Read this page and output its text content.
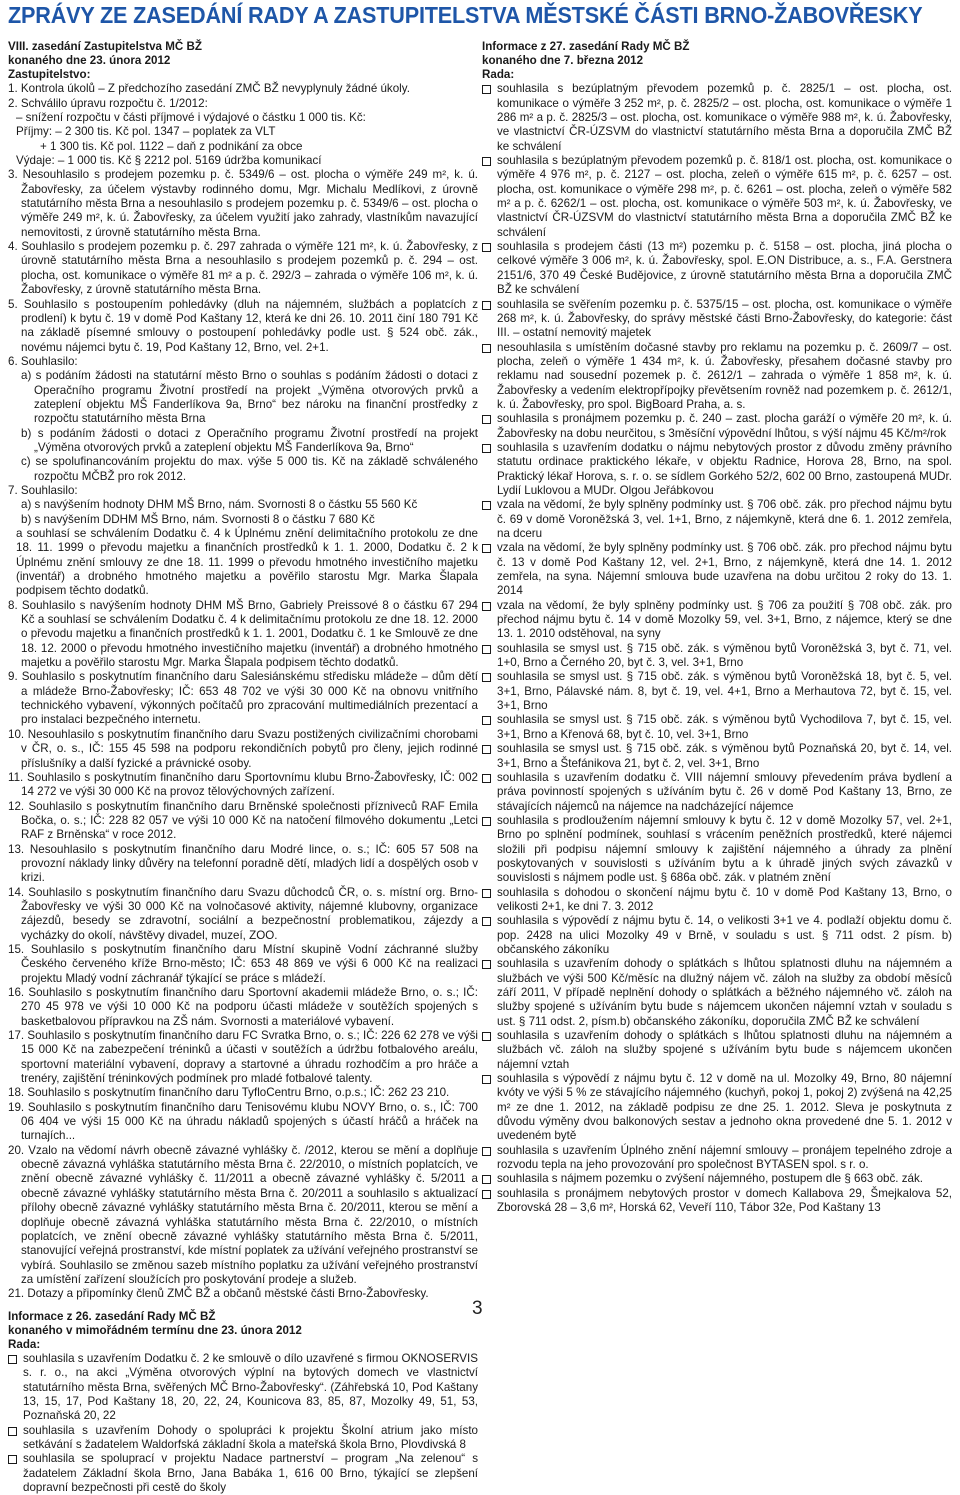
ZPRÁVY ZE ZASEDÁNÍ RADY A ZASTUPITELSTVA MĚSTSKÉ ČÁSTI BRNO-ŽABOVŘESKY

VIII. zasedání Zastupitelstva MČ BŽ

konaného dne 23. února 2012

Zastupitelstvo:

1. Kontrola úkolů – Z předchozího zasedání ZMČ BŽ nevyplynuly žádné úkoly.
2. Schválilo úpravu rozpočtu č. 1/2012:
– snížení rozpočtu v části příjmové i výdajové o částku 1 000 tis. Kč:
Příjmy: – 2 300 tis. Kč pol. 1347 – poplatek za VLT
+ 1 300 tis. Kč pol. 1122 – daň z podnikání za obce
Výdaje: – 1 000 tis. Kč § 2212 pol. 5169 údržba komunikací
3. Nesouhlasilo s prodejem pozemku p. č. 5349/6 – ost. plocha o výměře 249 m², k. ú. Žabovřesky, za účelem výstavby rodinného domu, Mgr. Michalu Medlíkovi, z úrovně statutárního města Brna a nesouhlasilo s prodejem pozemku p. č. 5349/6 – ost. plocha o výměře 249 m², k. ú. Žabovřesky, za účelem využití jako zahrady, vlastníkům navazující nemovitosti, z úrovně statutárního města Brna.
4. Souhlasilo s prodejem pozemku p. č. 297 zahrada o výměře 121 m², k. ú. Žabovřesky, z úrovně statutárního města Brna a nesouhlasilo s prodejem pozemků p. č. 294 – ost. plocha, ost. komunikace o výměře 81 m² a p. č. 292/3 – zahrada o výměře 106 m², k. ú. Žabovřesky, z úrovně statutárního města Brna.
5. Souhlasilo s postoupením pohledávky (dluh na nájemném, službách a poplatcích z prodlení) k bytu č. 19 v domě Pod Kaštany 12, která ke dni 26. 10. 2011 činí 180 791 Kč na základě písemné smlouvy o postoupení pohledávky podle ust. § 524 obč. zák., novému nájemci bytu č. 19, Pod Kaštany 12, Brno, vel. 2+1.
6. Souhlasilo:
a) s podáním žádosti na statutární město Brno o souhlas s podáním žádosti o dotaci z Operačního programu Životní prostředí na projekt „Výměna otvorových prvků a zateplení objektu MŠ Fanderlíkova 9a, Brno“ bez nároku na finanční prostředky z rozpočtu statutárního města Brna
b) s podáním žádosti o dotaci z Operačního programu Životní prostředí na projekt „Výměna otvorových prvků a zateplení objektu MŠ Fanderlíkova 9a, Brno“
c) se spolufinancováním projektu do max. výše 5 000 tis. Kč na základě schváleného rozpočtu MČBŽ pro rok 2012.
7. Souhlasilo:
a) s navýšením hodnoty DHM MŠ Brno, nám. Svornosti 8 o částku 55 560 Kč
b) s navýšením DDHM MŠ Brno, nám. Svornosti 8 o částku 7 680 Kč
a souhlasí se schválením Dodatku č. 4 k Úplnému znění delimitačního protokolu ze dne 18. 11. 1999 o převodu majetku a finančních prostředků k 1. 1. 2000, Dodatku č. 2 k Úplnému znění smlouvy ze dne 18. 11. 1999 o převodu hmotného investičního majetku (inventář) a drobného hmotného majetku a pověřilo starostu Mgr. Marka Šlapala podpisem těchto dodatků.
8. Souhlasilo s navýšením hodnoty DHM MŠ Brno, Gabriely Preissové 8 o částku 67 294 Kč a souhlasí se schválením Dodatku č. 4 k delimitačnímu protokolu ze dne 18. 12. 2000 o převodu majetku a finančních prostředků k 1. 1. 2001, Dodatku č. 1 ke Smlouvě ze dne 18. 12. 2000 o převodu hmotného investičního majetku (inventář) a drobného hmotného majetku a pověřilo starostu Mgr. Marka Šlapala podpisem těchto dodatků.
9. Souhlasilo s poskytnutím finančního daru Salesiánskému středisku mládeže – dům dětí a mládeže Brno-Žabovřesky; IČ: 653 48 702 ve výši 30 000 Kč na obnovu vnitřního technického vybavení, výkonných počítačů pro zpracování multimediálních prezentací a pro instalaci bezpečného internetu.
10. Nesouhlasilo s poskytnutím finančního daru Svazu postižených civilizačními chorobami v ČR, o. s., IČ: 155 45 598 na podporu rekondičních pobytů pro členy, jejich rodinné příslušníky a další fyzické a právnické osoby.
11. Souhlasilo s poskytnutím finančního daru Sportovnímu klubu Brno-Žabovřesky, IČ: 002 14 272 ve výši 30 000 Kč na provoz tělovýchovných zařízení.
12. Souhlasilo s poskytnutím finančního daru Brněnské společnosti přízniveců RAF Emila Bočka, o. s.; IČ: 228 82 057 ve výši 10 000 Kč na natočení filmového dokumentu „Letci RAF z Brněnska“ v roce 2012.
13. Nesouhlasilo s poskytnutím finančního daru Modré lince, o. s.; IČ: 605 57 508 na provozní náklady linky důvěry na telefonní poradně dětí, mladých lidí a dospělých osob v krizi.
14. Souhlasilo s poskytnutím finančního daru Svazu důchodců ČR, o. s. místní org. Brno-Žabovřesky ve výši 30 000 Kč na volnočasové aktivity, nájemné klubovny, organizace zájezdů, besedy se zdravotní, sociální a bezpečnostní problematikou, zájezdy a vycházky do okolí, návštěvy divadel, muzeí, ZOO.
15. Souhlasilo s poskytnutím finančního daru Místní skupině Vodní záchranné služby Českého červeného kříže Brno-město; IČ: 653 48 869 ve výši 6 000 Kč na realizaci projektu Mladý vodní záchranář týkající se práce s mládeží.
16. Souhlasilo s poskytnutím finančního daru Sportovní akademii mládeže Brno, o. s.; IČ: 270 45 978 ve výši 10 000 Kč na podporu účasti mládeže v soutěžích spojených s basketbalovou přípravkou na ZŠ nám. Svornosti a materiálové vybavení.
17. Souhlasilo s poskytnutím finančního daru FC Svratka Brno, o. s.; IČ: 226 62 278 ve výši 15 000 Kč na zabezpečení tréninků a účasti v soutěžích a údržbu fotbalového areálu, sportovní materiální vybavení, dopravy a startovné a úhradu rozhodčím a pro hráče a trenéry, zajištění tréninkových podmínek pro mladé fotbalové talenty.
18. Souhlasilo s poskytnutím finančního daru TyfloCentru Brno, o.p.s.; IČ: 262 23 210.
19. Souhlasilo s poskytnutím finančního daru Tenisovému klubu NOVY Brno, o. s., IČ: 700 06 404 ve výši 15 000 Kč na úhradu nákladů spojených s účastí hráčů a hráček na turnajích...
20. Vzalo na vědomí návrh obecně závazné vyhlášky č. /2012, kterou se mění a doplňuje obecně závazná vyhláška statutárního města Brna č. 22/2010, o místních poplatcích, ve znění obecně závazné vyhlášky č. 11/2011 a obecně závazné vyhlášky č. 5/2011 a obecně závazné vyhlášky statutárního města Brna č. 20/2011 a souhlasilo s aktualizací přílohy obecně závazné vyhlášky statutárního města Brna č. 20/2011, kterou se mění a doplňuje obecně závazná vyhláška statutárního města Brna č. 22/2010, o místních poplatcích, ve znění obecně závazné vyhlášky statutárního města Brna č. 5/2011, stanovující veřejná prostranství, kde místní poplatek za užívání veřejného prostranství se vybírá. Souhlasilo se změnou sazeb místního poplatku za užívání veřejného prostranství za umístění zařízení sloužících pro poskytování prodeje a služeb.
21. Dotazy a připomínky členů ZMČ BŽ a občanů městské části Brno-Žabovřesky.

Informace z 26. zasedání Rady MČ BŽ

konaného v mimořádném termínu dne 23. února 2012

Rada:

souhlasila s uzavřením Dodatku č. 2 ke smlouvě o dílo uzavřené s firmou OKNOSERVIS s. r. o., na akci „Výměna otvorových výplní na bytových domech ve vlastnictví statutárního města Brna, svěřených MČ Brno-Žabovřesky“. (Záhřebská 10, Pod Kaštany 13, 15, 17, Pod Kaštany 18, 20, 22, 24, Kounicova 83, 85, 87, Mozolky 49, 51, 53, Poznaňská 20, 22
souhlasila s uzavřením Dohody o spolupráci k projektu Školní atrium jako místo setkávání s žadatelem Waldorfská základní škola a mateřská škola Brno, Plovdivská 8
souhlasila se spoluprací v projektu Nadace partnerství – program „Na zelenou“ s žadatelem Základní škola Brno, Jana Babáka 1, 616 00 Brno, týkající se zlepšení dopravní bezpečnosti při cestě do školy

Informace z 27. zasedání Rady MČ BŽ

konaného dne 7. března 2012

Rada:

souhlasila s bezúplatným převodem pozemků p. č. 2825/1 – ost. plocha, ost. komunikace o výměře 3 252 m², p. č. 2825/2 – ost. plocha, ost. komunikace o výměře 1 286 m² a p. č. 2825/3 – ost. plocha, ost. komunikace o výměře 988 m², k. ú. Žabovřesky, ve vlastnictví ČR-ÚZSVM do vlastnictví statutárního města Brna a doporučila ZMČ BŽ ke schválení
souhlasila s bezúplatným převodem pozemků p. č. 818/1 ost. plocha, ost. komunikace o výměře 4 976 m², p. č. 2127 – ost. plocha, zeleň o výměře 615 m², p. č. 6257 – ost. plocha, ost. komunikace o výměře 298 m², p. č. 6261 – ost. plocha, zeleň o výměře 582 m² a p. č. 6262/1 – ost. plocha, ost. komunikace o výměře 503 m², k. ú. Žabovřesky, ve vlastnictví ČR-ÚZSVM do vlastnictví statutárního města Brna a doporučila ZMČ BŽ ke schválení
souhlasila s prodejem části (13 m²) pozemku p. č. 5158 – ost. plocha, jiná plocha o celkové výměře 3 006 m², k. ú. Žabovřesky, spol. E.ON Distribuce, a. s., F.A. Gerstnera 2151/6, 370 49 České Budějovice, z úrovně statutárního města Brna a doporučila ZMČ BŽ ke schválení
souhlasila se svěřením pozemku p. č. 5375/15 – ost. plocha, ost. komunikace o výměře 268 m², k. ú. Žabovřesky, do správy městské části Brno-Žabovřesky, do kategorie: část III. – ostatní nemovitý majetek
nesouhlasila s umístěním dočasné stavby pro reklamu na pozemku p. č. 2609/7 – ost. plocha, zeleň o výměře 1 434 m², k. ú. Žabovřesky, přesahem dočasné stavby pro reklamu nad sousední pozemek p. č. 2612/1 – zahrada o výměře 1 858 m², k. ú. Žabovřesky a vedením elektropřípojky převětsením rovněž nad pozemkem p. č. 2612/1, k. ú. Žabovřesky, pro spol. BigBoard Praha, a. s.
souhlasila s pronájmem pozemku p. č. 240 – zast. plocha garáží o výměře 20 m², k. ú. Žabovřesky na dobu neurčitou, s 3měsíční výpovědní lhůtou, s výší nájmu 45 Kč/m²/rok
souhlasila s uzavřením dodatku o nájmu nebytových prostor z důvodu změny právního statutu ordinace praktického lékaře, v objektu Radnice, Horova 28, Brno, na spol. Praktický lékař Horova, s. r. o. se sídlem Gorkého 52/2, 602 00 Brno, zastoupená MUDr. Lydií Luklovou a MUDr. Olgou Jeřábkovou
vzala na vědomí, že byly splněny podmínky ust. § 706 obč. zák. pro přechod nájmu bytu č. 69 v domě Voroněžská 3, vel. 1+1, Brno, z nájemkyně, která dne 6. 1. 2012 zemřela, na dceru
vzala na vědomí, že byly splněny podmínky ust. § 706 obč. zák. pro přechod nájmu bytu č. 13 v domě Pod Kaštany 12, vel. 2+1, Brno, z nájemkyně, která dne 14. 1. 2012 zemřela, na syna. Nájemní smlouva bude uzavřena na dobu určitou 2 roky do 13. 1. 2014
vzala na vědomí, že byly splněny podmínky ust. § 706 za použití § 708 obč. zák. pro přechod nájmu bytu č. 14 v domě Mozolky 59, vel. 3+1, Brno, z nájemce, který se dne 13. 1. 2010 odstěhoval, na syny
souhlasila se smysl ust. § 715 obč. zák. s výměnou bytů Voroněžská 3, byt č. 71, vel. 1+0, Brno a Černého 20, byt č. 3, vel. 3+1, Brno
souhlasila se smysl ust. § 715 obč. zák. s výměnou bytů Voroněžská 18, byt č. 5, vel. 3+1, Brno, Pálavské nám. 8, byt č. 19, vel. 4+1, Brno a Merhautova 72, byt č. 15, vel. 3+1, Brno
souhlasila se smysl ust. § 715 obč. zák. s výměnou bytů Vychodilova 7, byt č. 15, vel. 3+1, Brno a Křenová 68, byt č. 10, vel. 3+1, Brno
souhlasila se smysl ust. § 715 obč. zák. s výměnou bytů Poznaňská 20, byt č. 14, vel. 3+1, Brno a Štefánikova 21, byt č. 2, vel. 3+1, Brno
souhlasila s uzavřením dodatku č. VIII nájemní smlouvy převedením práva bydlení a práva povinností spojených s užíváním bytu č. 26 v domě Pod Kaštany 13, Brno, ze stávajících nájemců na nájemce na nadcházející nájemce
souhlasila s prodloužením nájemní smlouvy k bytu č. 12 v domě Mozolky 57, vel. 2+1, Brno po splnění podmínek, souhlasí s vrácením peněžních prostředků, které nájemci složili při podpisu nájemní smlouvy k zajištění nájemného a úhrady za plnění poskytovaných v souvislosti s užíváním bytu a k úhradě jiných svých závazků v souvislosti s nájmem podle ust. § 686a obč. zák. v platném znění
souhlasila s dohodou o skončení nájmu bytu č. 10 v domě Pod Kaštany 13, Brno, o velikosti 2+1, ke dni 7. 3. 2012
souhlasila s výpovědí z nájmu bytu č. 14, o velikosti 3+1 ve 4. podlaží objektu domu č. pop. 2428 na ulici Mozolky 49 v Brně, v souladu s ust. § 711 odst. 2 písm. b) občanského zákoníku
souhlasila s uzavřením dohody o splátkách s lhůtou splatnosti dluhu na nájemném a službách ve výši 500 Kč/měsíc na dlužný nájem vč. záloh na služby za období měsíců září 2011, V případě neplnění dohody o splátkách a běžného nájemného vč. záloh na služby spojené s užíváním bytu bude s nájemcem ukončen nájemní vztah v souladu s ust. § 711 odst. 2, písm.b) občanského zákoníku, doporučila ZMČ BŽ ke schválení
souhlasila s uzavřením dohody o splátkách s lhůtou splatnosti dluhu na nájemném a službách vč. záloh na služby spojené s užíváním bytu bude s nájemcem ukončen nájemní vztah
souhlasila s výpovědí z nájmu bytu č. 12 v domě na ul. Mozolky 49, Brno, 80 nájemní kvóty ve výši 5 % ze stávajícího nájemného (kuchyň, pokoj 1, pokoj 2) zvýšená na 42,25 m² ze dne 1. 2012, na základě podpisu ze dne 25. 1. 2012. Sleva je poskytnuta z důvodu výměny dvou balkonových sestav a jednoho okna provedené dne 5. 1. 2012 v uvedeném bytě
souhlasila s uzavřením Úplného znění nájemní smlouvy – pronájem tepelného zdroje a rozvodu tepla na jeho provozování pro společnost BYTASEN spol. s r. o.
souhlasila s nájmem pozemku o zvýšení nájemného, postupem dle § 663 obč. zák.
souhlasila s pronájmem nebytových prostor v domech Kallabova 29, Šmejkalova 52, Zborovská 28 – 3,6 m², Horská 62, Veveří 110, Tábor 32e, Pod Kaštany 13
3
